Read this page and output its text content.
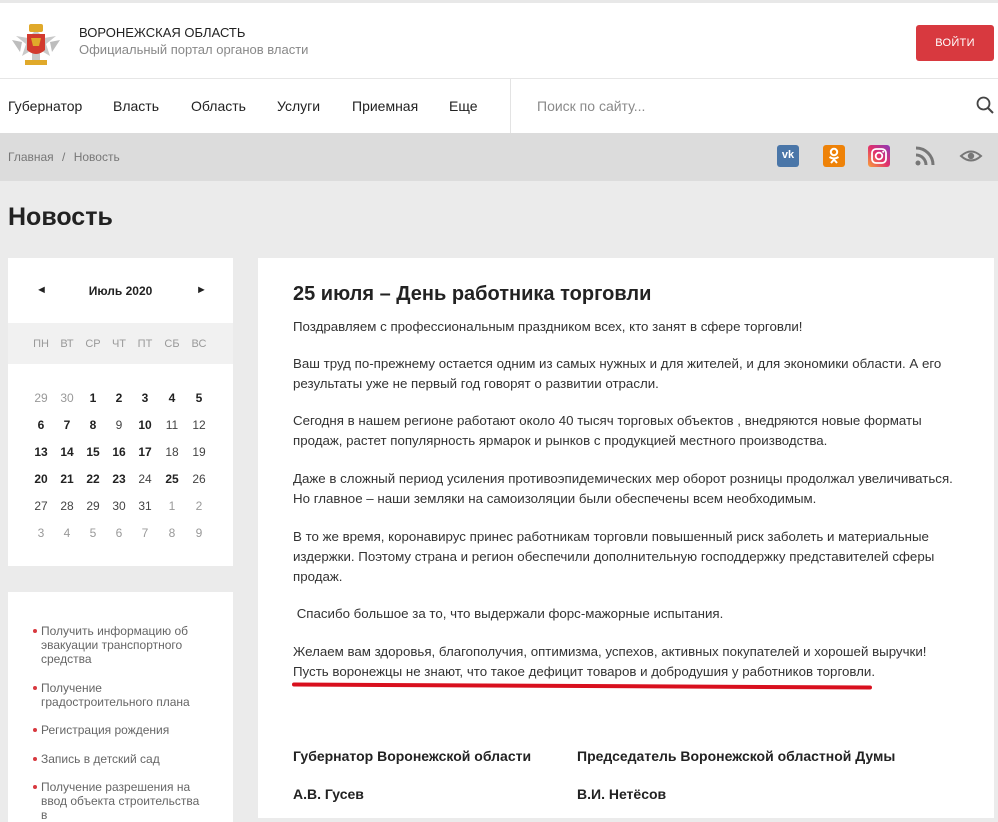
ВОРОНЕЖСКАЯ ОБЛАСТЬ
Официальный портал органов власти	ВОЙТИ
Губернатор Власть Область Услуги Приемная Еще
Поиск по сайту...
Главная / Новость	vk
Новость
◄	Июль 2020	►
ПН	ВТ	СР	ЧТ	ПТ	СБ	ВС
29	30	1	2	3	4	5
6	7	8	9	10	11	12
13	14	15	16	17	18	19
20	21	22	23	24	25	26
27	28	29	30	31	1	2
3	4	5	6	7	8	9
Получить информацию об эвакуации транспортного средства
Получение градостроительного плана
Регистрация рождения
Запись в детский сад
Получение разрешения на ввод объекта строительства в
25 июля – День работника торговли
Поздравляем с профессиональным праздником всех, кто занят в сфере торговли!
Ваш труд по-прежнему остается одним из самых нужных и для жителей, и для экономики области. А его результаты уже не первый год говорят о развитии отрасли.
Сегодня в нашем регионе работают около 40 тысяч торговых объектов , внедряются новые форматы продаж, растет популярность ярмарок и рынков с продукцией местного производства.
Даже в сложный период усиления противоэпидемических мер оборот розницы продолжал увеличиваться. Но главное – наши земляки на самоизоляции были обеспечены всем необходимым.
В то же время, коронавирус принес работникам торговли повышенный риск заболеть и материальные издержки. Поэтому страна и регион обеспечили дополнительную господдержку представителей сферы продаж.
Спасибо большое за то, что выдержали форс-мажорные испытания.
Желаем вам здоровья, благополучия, оптимизма, успехов, активных покупателей и хорошей выручки! Пусть воронежцы не знают, что такое дефицит товаров и добродушия у работников торговли.
Губернатор Воронежской области	Председатель Воронежской областной Думы
А.В. Гусев	В.И. Нетёсов
